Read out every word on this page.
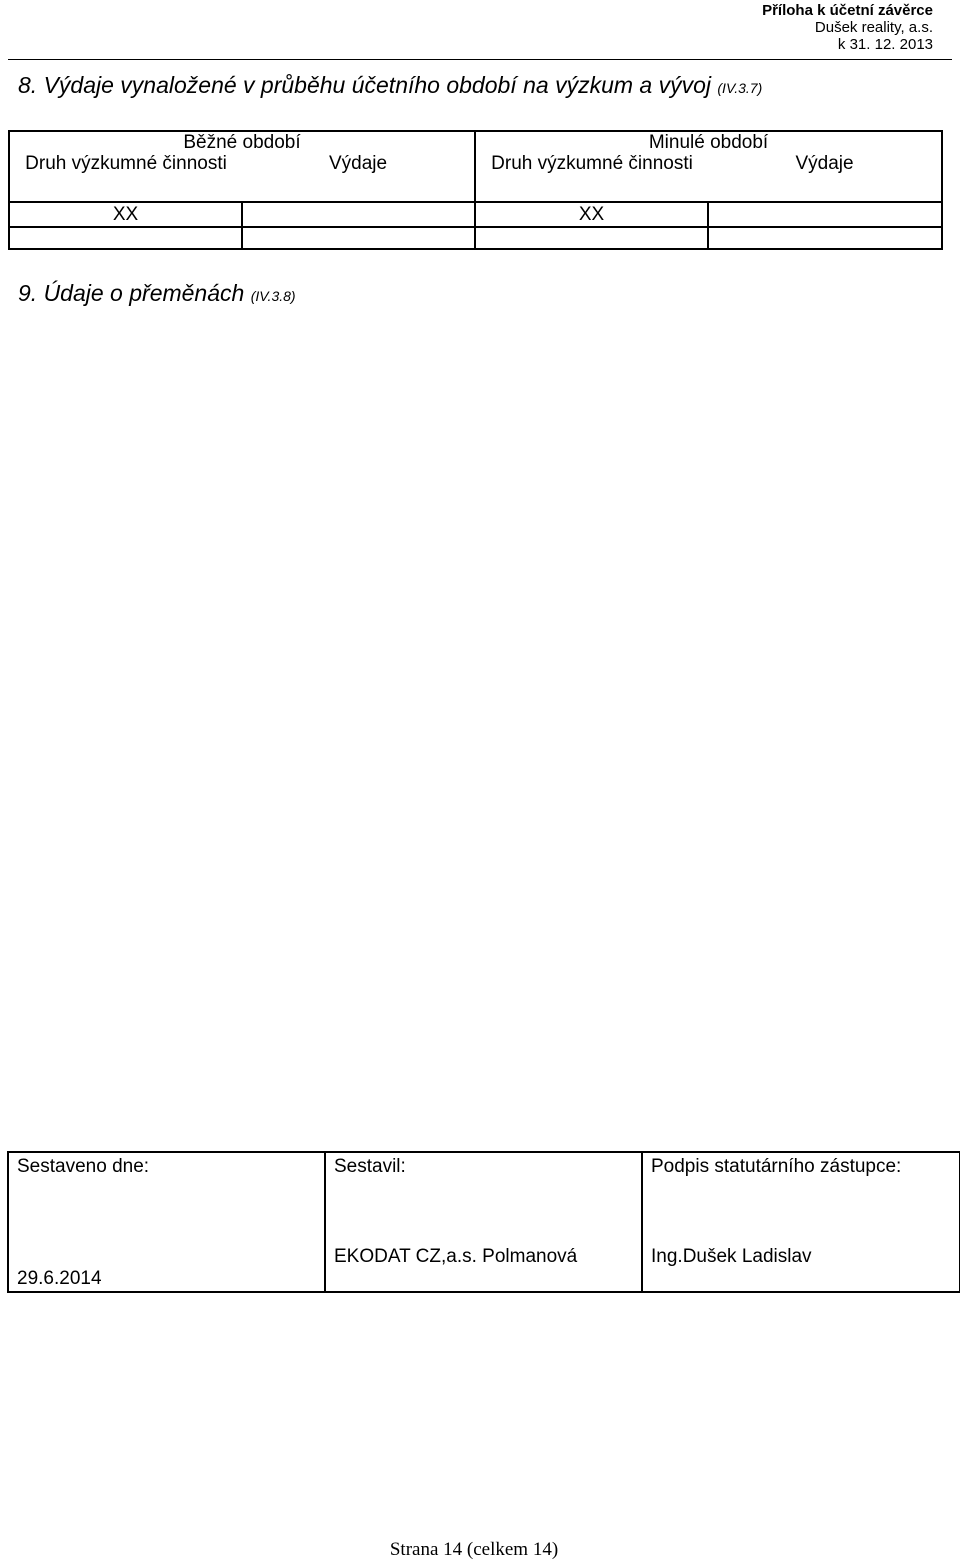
Příloha k účetní závěrce
Dušek reality, a.s.
k 31. 12. 2013
8. Výdaje vynaložené v průběhu účetního období na výzkum a vývoj (IV.3.7)
Běžné období		Minulé období	
Druh výzkumné činnosti	Výdaje	Druh výzkumné činnosti	Výdaje
XX		XX	

9. Údaje o přeměnách (IV.3.8)
Sestaveno dne:
29.6.2014

Sestavil:
EKODAT CZ,a.s. Polmanová

Podpis statutárního zástupce:
Ing.Dušek Ladislav
Strana 14 (celkem 14)
